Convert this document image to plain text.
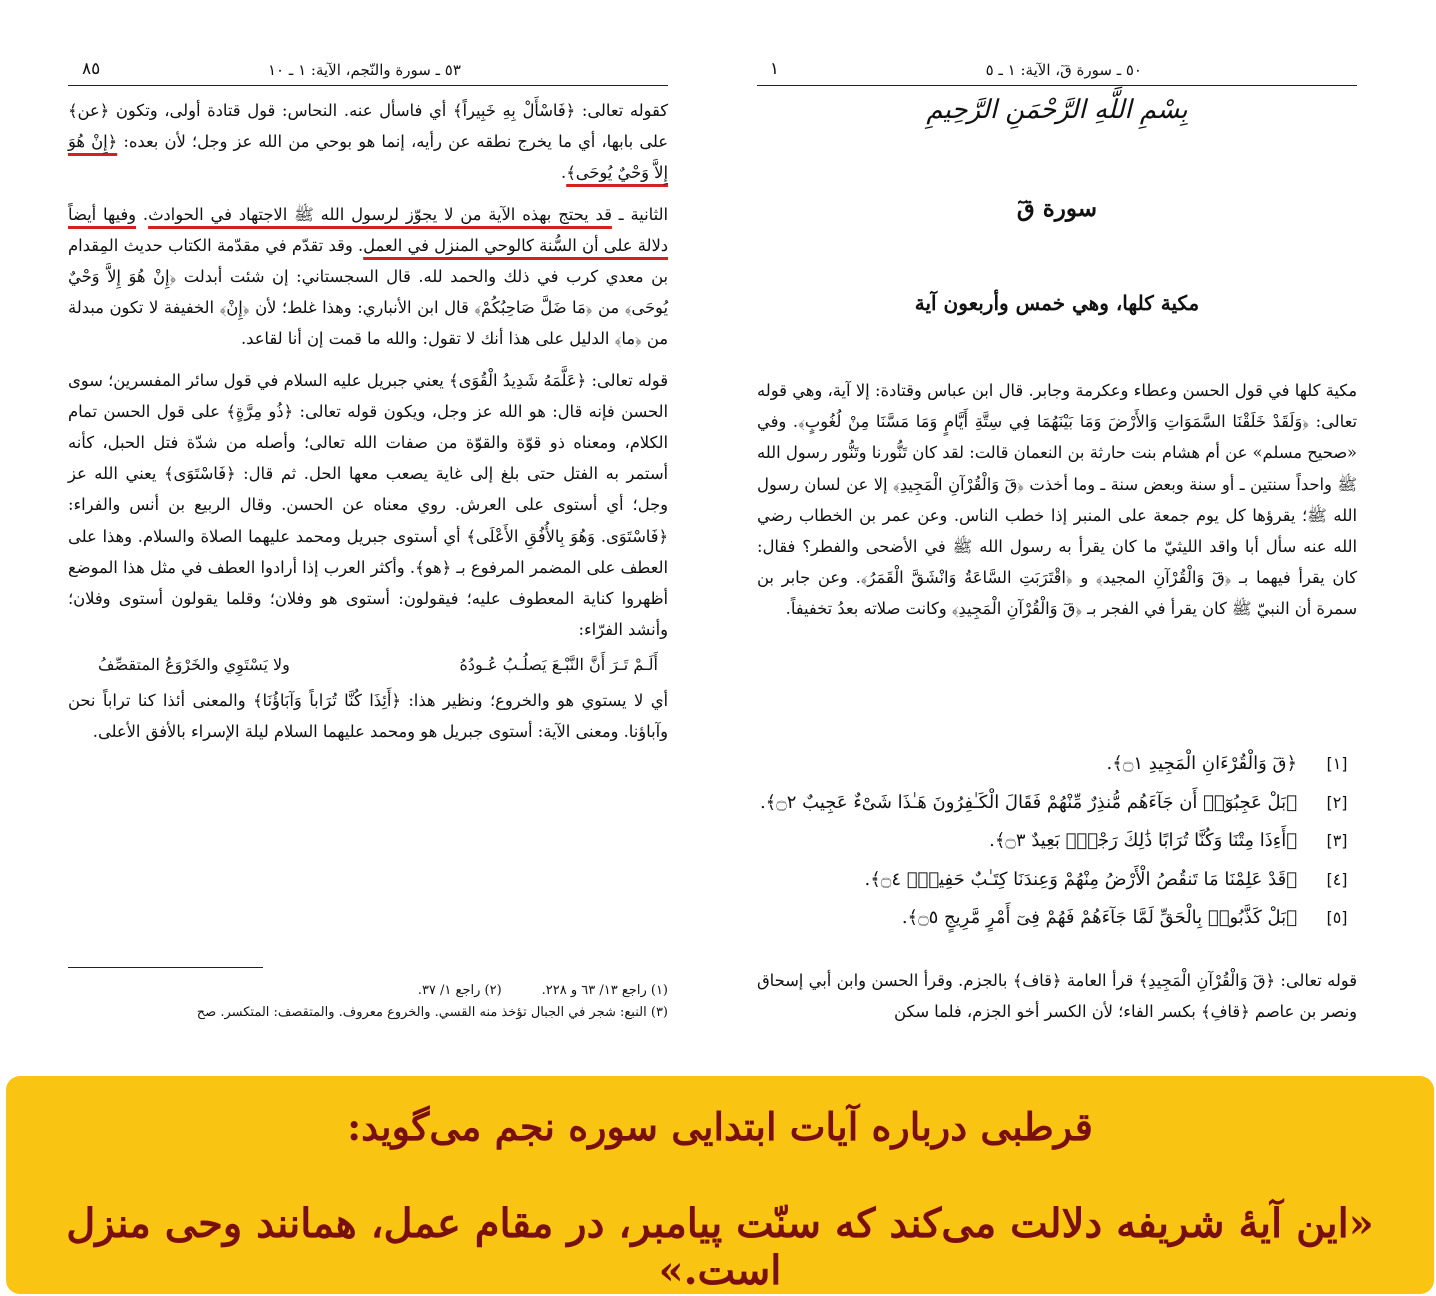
٨٥	٥٣ ـ سورة والنّجم، الآية: ١ ـ ١٠

كقوله تعالى: ﴿فَاسْأَلْ بِهِ خَبِيراً﴾ أي فاسأل عنه. النحاس: قول قتادة أولى، وتكون ﴿عن﴾ على بابها، أي ما يخرج نطقه عن رأيه، إنما هو بوحي من الله عز وجل؛ لأن بعده: ﴿إِنْ هُوَ إِلاَّ وَحْيٌ يُوحَى﴾.

الثانية ـ قد يحتج بهذه الآية من لا يجوّز لرسول الله ﷺ الاجتهاد في الحوادث. وفيها أيضاً دلالة على أن السُّنة كالوحي المنزل في العمل. وقد تقدّم في مقدّمة الكتاب حديث المِقدام بن معدي كرب في ذلك والحمد لله. قال السجستاني: إن شئت أبدلت ﴿إِنْ هُوَ إِلاَّ وَحْيٌ يُوحَى﴾ من ﴿مَا ضَلَّ صَاحِبُكُمْ﴾ قال ابن الأنباري: وهذا غلط؛ لأن ﴿إِنْ﴾ الخفيفة لا تكون مبدلة من ﴿ما﴾ الدليل على هذا أنك لا تقول: والله ما قمت إن أنا لقاعد.

قوله تعالى: ﴿عَلَّمَهُ شَدِيدُ الْقُوَى﴾ يعني جبريل عليه السلام في قول سائر المفسرين؛ سوى الحسن فإنه قال: هو الله عز وجل، ويكون قوله تعالى: ﴿ذُو مِرَّةٍ﴾ على قول الحسن تمام الكلام، ومعناه ذو قوّة والقوّة من صفات الله تعالى؛ وأصله من شدّة فتل الحبل، كأنه أستمر به الفتل حتى بلغ إلى غاية يصعب معها الحل. ثم قال: ﴿فَاسْتَوَى﴾ يعني الله عز وجل؛ أي أستوى على العرش. روي معناه عن الحسن. وقال الربيع بن أنس والفراء: ﴿فَاسْتَوَى. وَهُوَ بِالأُفُقِ الأَعْلَى﴾ أي أستوى جبريل ومحمد عليهما الصلاة والسلام. وهذا على العطف على المضمر المرفوع بـ ﴿هو﴾. وأكثر العرب إذا أرادوا العطف في مثل هذا الموضع أظهروا كناية المعطوف عليه؛ فيقولون: أستوى هو وفلان؛ وقلما يقولون أستوى وفلان؛ وأنشد الفرّاء:

أَلَـمْ تَـرَ أَنَّ النَّبْـعَ يَصلُـبُ عُـودُهُ
ولا يَسْتَوِي والخَرْوَعُ المتقصِّفُ

أي لا يستوي هو والخروع؛ ونظير هذا: ﴿أَئِذَا كُنَّا تُرَاباً وَآبَاؤُنَا﴾ والمعنى أئذا كنا تراباً نحن وآباؤنا. ومعنى الآية: أستوى جبريل هو ومحمد عليهما السلام ليلة الإسراء بالأفق الأعلى.

(١) راجع ١٣/ ٦٣ و ٢٢٨.
(٢) راجع ١/ ٣٧.
(٣) النبع: شجر في الجبال تؤخذ منه القسي. والخروع معروف. والمتقصف: المتكسر. صح
١	٥٠ ـ سورة قٓ، الآية: ١ ـ ٥
بِسْمِ اللَّهِ الرَّحْمَنِ الرَّحِيمِ
سورة قٓ
مكية كلها، وهي خمس وأربعون آية
مكية كلها في قول الحسن وعطاء وعكرمة وجابر. قال ابن عباس وقتادة: إلا آية، وهي قوله تعالى: ﴿وَلَقَدْ خَلَقْنَا السَّمَوَاتِ وَالأَرْضَ وَمَا بَيْنَهُمَا فِي سِتَّةِ أَيَّامٍ وَمَا مَسَّنَا مِنْ لُغُوبٍ﴾. وفي «صحيح مسلم» عن أم هشام بنت حارثة بن النعمان قالت: لقد كان تَنُّورنا وتَنُّور رسول الله ﷺ واحداً سنتين ـ أو سنة وبعض سنة ـ وما أخذت ﴿قٓ وَالْقُرْآنِ الْمَجِيدِ﴾ إلا عن لسان رسول الله ﷺ؛ يقرؤها كل يوم جمعة على المنبر إذا خطب الناس. وعن عمر بن الخطاب رضي الله عنه سأل أبا واقد الليثيّ ما كان يقرأ به رسول الله ﷺ في الأضحى والفطر؟ فقال: كان يقرأ فيهما بـ ﴿قٓ وَالْقُرْآنِ المجيد﴾ و ﴿اقْتَرَبَتِ السَّاعَةُ وَانْشَقَّ الْقَمَرُ﴾. وعن جابر بن سمرة أن النبيّ ﷺ كان يقرأ في الفجر بـ ﴿قٓ وَالْقُرْآنِ الْمَجِيدِ﴾ وكانت صلاته بعدُ تخفيفاً.
[١]
﴿قٓ وَالْقُرْءَانِ الْمَجِيدِ ۝١﴾.
[٢]
﴿بَلْ عَجِبُوٓا۟ أَن جَآءَهُم مُّنذِرٌ مِّنْهُمْ فَقَالَ الْكَـٰفِرُونَ هَـٰذَا شَىْءٌ عَجِيبٌ ۝٢﴾.
[٣]
﴿أَءِذَا مِتْنَا وَكُنَّا تُرَابًا ذَٰلِكَ رَجْعٌۢ بَعِيدٌ ۝٣﴾.
[٤]
﴿قَدْ عَلِمْنَا مَا تَنقُصُ الْأَرْضُ مِنْهُمْ وَعِندَنَا كِتَـٰبٌ حَفِيظٌۢ ۝٤﴾.
[٥]
﴿بَلْ كَذَّبُوا۟ بِالْحَقِّ لَمَّا جَآءَهُمْ فَهُمْ فِىٓ أَمْرٍ مَّرِيجٍ ۝٥﴾.
قوله تعالى: ﴿قٓ وَالْقُرْآنِ الْمَجِيدِ﴾ قرأ العامة ﴿قاف﴾ بالجزم. وقرأ الحسن وابن أبي إسحاق ونصر بن عاصم ﴿قافِ﴾ بكسر الفاء؛ لأن الكسر أخو الجزم، فلما سكن
قرطبی درباره آیات ابتدایی سوره نجم می‌گوید:
«این آیۀ شریفه دلالت می‌کند که سنّت پیامبر، در مقام عمل، همانند وحی منزل است.»
